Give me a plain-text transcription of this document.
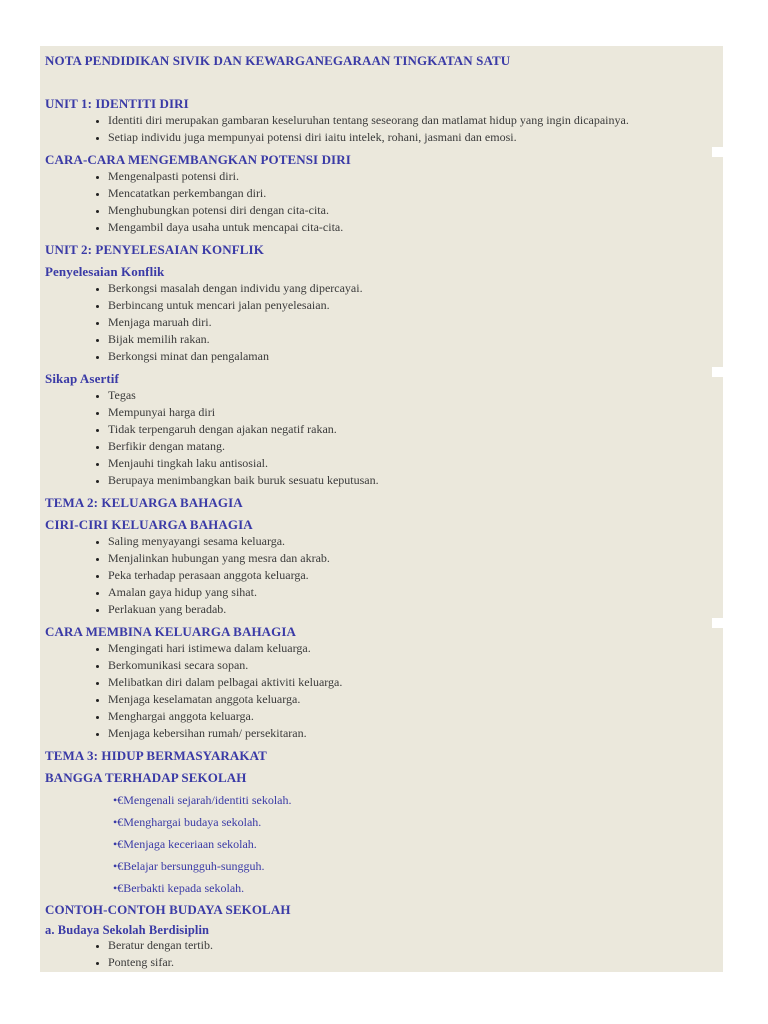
NOTA PENDIDIKAN SIVIK DAN KEWARGANEGARAAN TINGKATAN SATU
UNIT 1: IDENTITI DIRI
• Identiti diri merupakan gambaran keseluruhan tentang seseorang dan matlamat hidup yang ingin dicapainya.
• Setiap individu juga mempunyai potensi diri iaitu intelek, rohani, jasmani dan emosi.
CARA-CARA MENGEMBANGKAN POTENSI DIRI
• Mengenalpasti potensi diri.
• Mencatatkan perkembangan diri.
• Menghubungkan potensi diri dengan cita-cita.
• Mengambil daya usaha untuk mencapai cita-cita.
UNIT 2: PENYELESAIAN KONFLIK
Penyelesaian Konflik
• Berkongsi masalah dengan individu yang dipercayai.
• Berbincang untuk mencari jalan penyelesaian.
• Menjaga maruah diri.
• Bijak memilih rakan.
• Berkongsi minat dan pengalaman
Sikap Asertif
• Tegas
• Mempunyai harga diri
• Tidak terpengaruh dengan ajakan negatif rakan.
• Berfikir dengan matang.
• Menjauhi tingkah laku antisosial.
• Berupaya menimbangkan baik buruk sesuatu keputusan.
TEMA 2: KELUARGA BAHAGIA
CIRI-CIRI KELUARGA BAHAGIA
• Saling menyayangi sesama keluarga.
• Menjalinkan hubungan yang mesra dan akrab.
• Peka terhadap perasaan anggota keluarga.
• Amalan gaya hidup yang sihat.
• Perlakuan yang beradab.
CARA MEMBINA KELUARGA BAHAGIA
• Mengingati hari istimewa dalam keluarga.
• Berkomunikasi secara sopan.
• Melibatkan diri dalam pelbagai aktiviti keluarga.
• Menjaga keselamatan anggota keluarga.
• Menghargai anggota keluarga.
• Menjaga kebersihan rumah/ persekitaran.
TEMA 3: HIDUP BERMASYARAKAT
BANGGA TERHADAP SEKOLAH
•€Mengenali sejarah/identiti sekolah.
•€Menghargai budaya sekolah.
•€Menjaga keceriaan sekolah.
•€Belajar bersungguh-sungguh.
•€Berbakti kepada sekolah.
CONTOH-CONTOH BUDAYA SEKOLAH
a. Budaya Sekolah Berdisiplin
• Beratur dengan tertib.
• Ponteng sifar.
